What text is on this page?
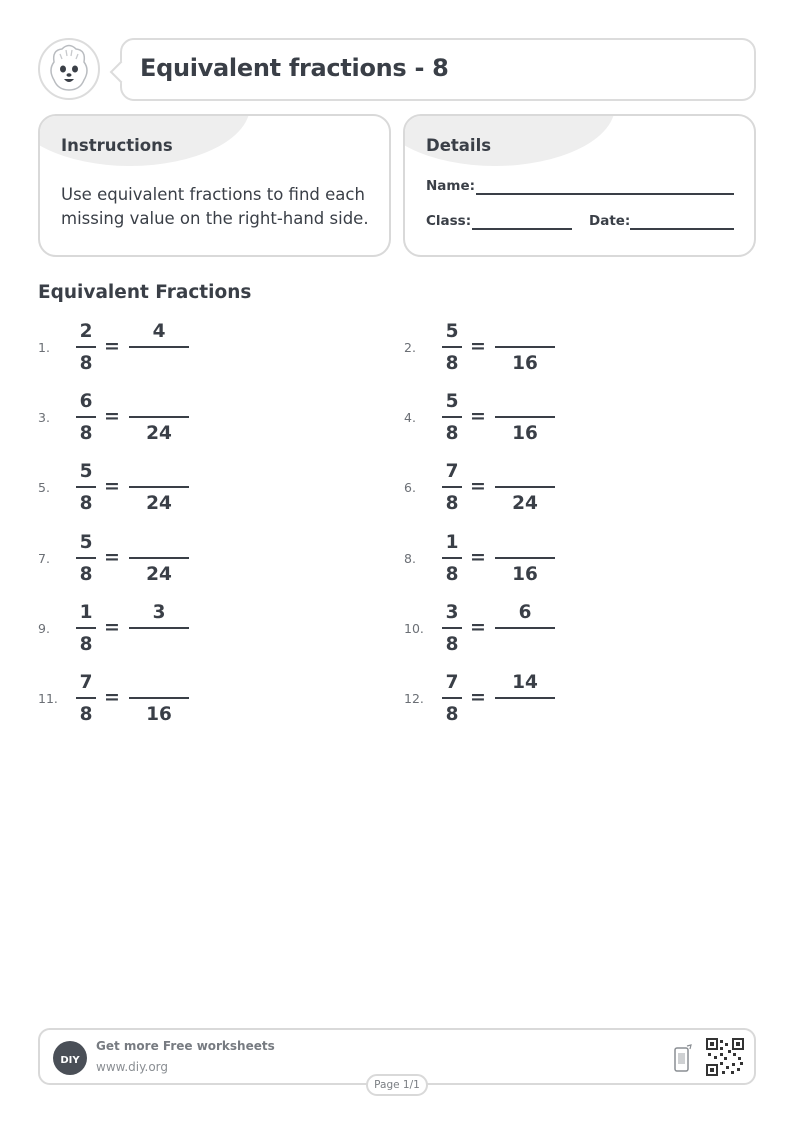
Equivalent fractions - 8
Instructions
Use equivalent fractions to find each missing value on the right-hand side.
Details
Name:
Class:	Date:
Equivalent Fractions
1.
2
8
=
4
2.
5
8
=
16
3.
6
8
=
24
4.
5
8
=
16
5.
5
8
=
24
6.
7
8
=
24
7.
5
8
=
24
8.
1
8
=
16
9.
1
8
=
3
10.
3
8
=
6
11.
7
8
=
16
12.
7
8
=
14
DIY
Get more Free worksheets
www.diy.org
Page 1/1
